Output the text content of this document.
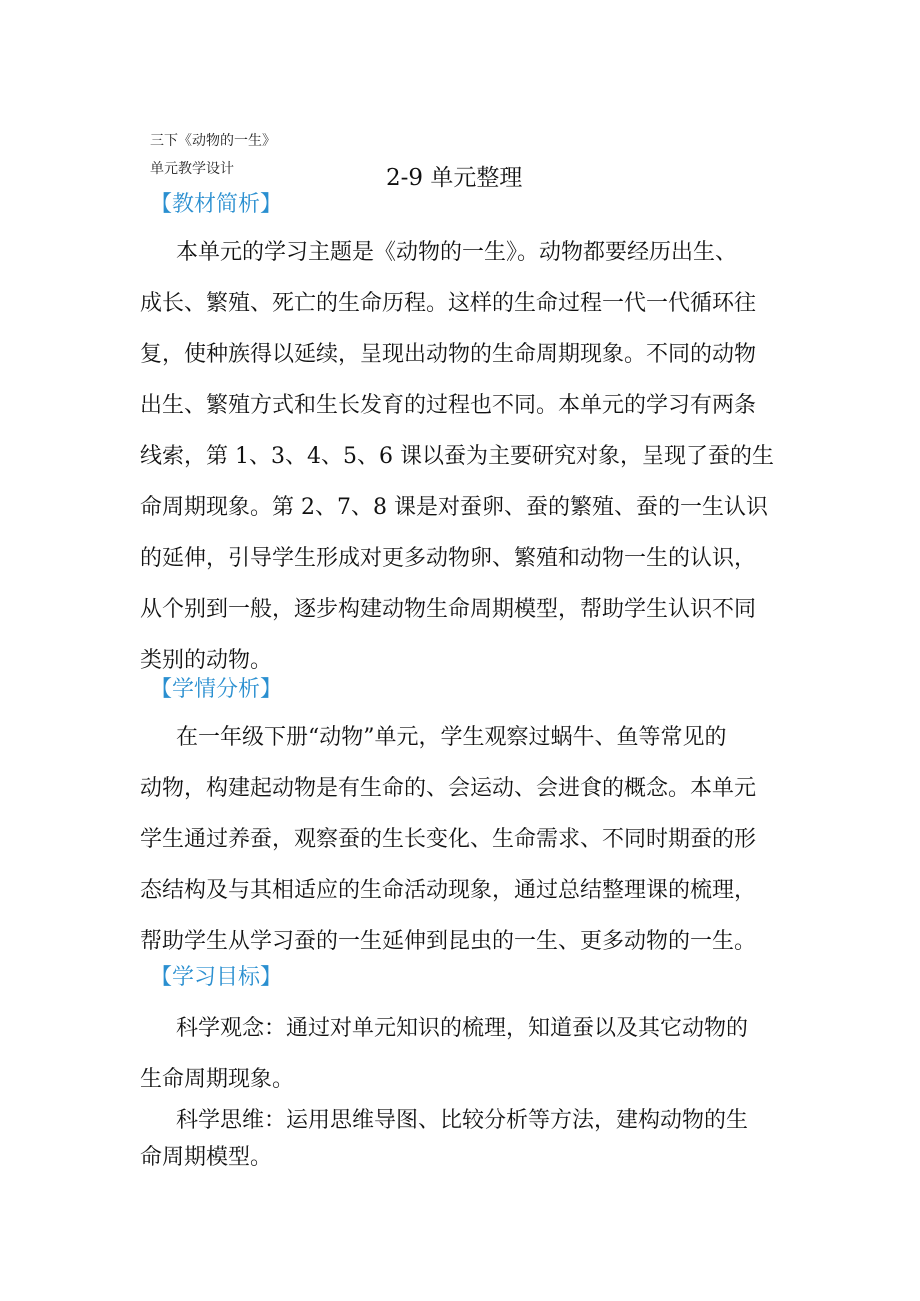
三下《动物的一生》
单元教学设计	2-9 单元整理
【教材简析】
本单元的学习主题是《动物的一生》。动物都要经历出生、
成长、繁殖、死亡的生命历程。这样的生命过程一代一代循环往
复，使种族得以延续，呈现出动物的生命周期现象。不同的动物
出生、繁殖方式和生长发育的过程也不同。本单元的学习有两条
线索，第 1、3、4、5、6 课以蚕为主要研究对象，呈现了蚕的生
命周期现象。第 2、7、8 课是对蚕卵、蚕的繁殖、蚕的一生认识
的延伸，引导学生形成对更多动物卵、繁殖和动物一生的认识，
从个别到一般，逐步构建动物生命周期模型，帮助学生认识不同
类别的动物。
【学情分析】
在一年级下册“动物”单元，学生观察过蜗牛、鱼等常见的
动物，构建起动物是有生命的、会运动、会进食的概念。本单元
学生通过养蚕，观察蚕的生长变化、生命需求、不同时期蚕的形
态结构及与其相适应的生命活动现象，通过总结整理课的梳理，
帮助学生从学习蚕的一生延伸到昆虫的一生、更多动物的一生。
【学习目标】
科学观念：通过对单元知识的梳理，知道蚕以及其它动物的
生命周期现象。
科学思维：运用思维导图、比较分析等方法，建构动物的生
命周期模型。
